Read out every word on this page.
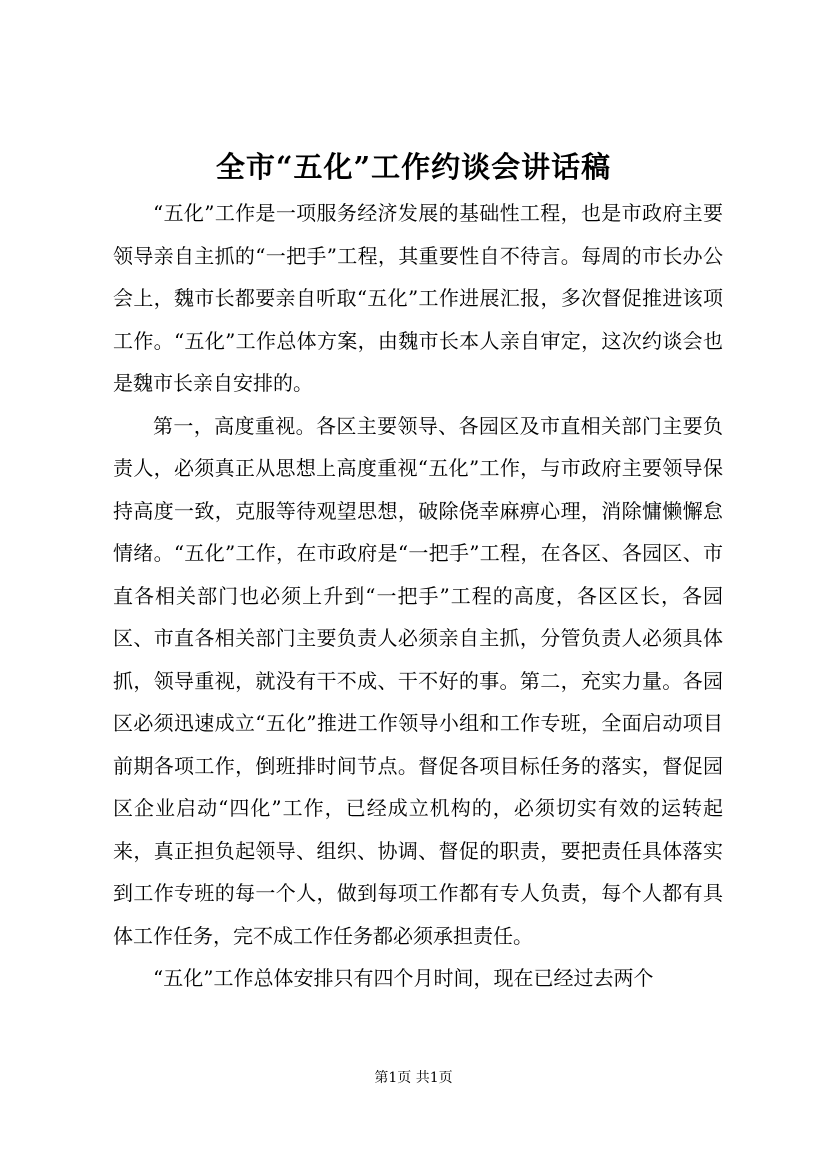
全市“五化”工作约谈会讲话稿

“五化”工作是一项服务经济发展的基础性工程，也是市政府主要领导亲自主抓的“一把手”工程，其重要性自不待言。每周的市长办公会上，魏市长都要亲自听取“五化”工作进展汇报，多次督促推进该项工作。“五化”工作总体方案，由魏市长本人亲自审定，这次约谈会也是魏市长亲自安排的。

第一，高度重视。各区主要领导、各园区及市直相关部门主要负责人，必须真正从思想上高度重视“五化”工作，与市政府主要领导保持高度一致，克服等待观望思想，破除侥幸麻痹心理，消除慵懒懈怠情绪。“五化”工作，在市政府是“一把手”工程，在各区、各园区、市直各相关部门也必须上升到“一把手”工程的高度，各区区长，各园区、市直各相关部门主要负责人必须亲自主抓，分管负责人必须具体抓，领导重视，就没有干不成、干不好的事。第二，充实力量。各园区必须迅速成立“五化”推进工作领导小组和工作专班，全面启动项目前期各项工作，倒班排时间节点。督促各项目标任务的落实，督促园区企业启动“四化”工作，已经成立机构的，必须切实有效的运转起来，真正担负起领导、组织、协调、督促的职责，要把责任具体落实到工作专班的每一个人，做到每项工作都有专人负责，每个人都有具体工作任务，完不成工作任务都必须承担责任。

“五化”工作总体安排只有四个月时间，现在已经过去两个

第1页 共1页
